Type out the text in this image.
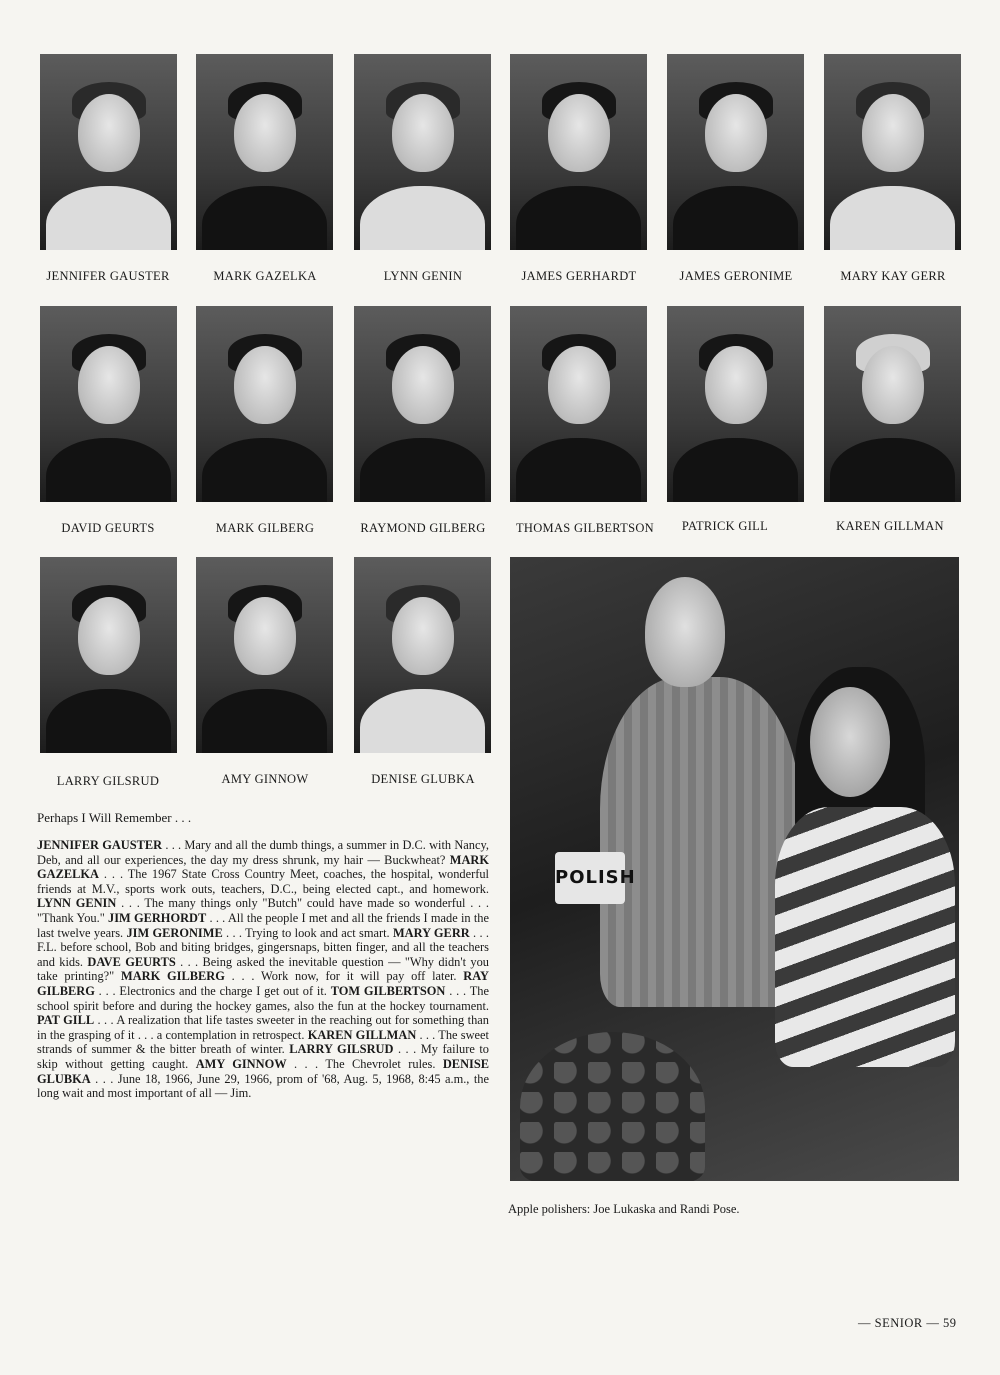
JENNIFER GAUSTER	MARK GAZELKA	LYNN GENIN	JAMES GERHARDT	JAMES GERONIME	MARY KAY GERR
DAVID GEURTS	MARK GILBERG	RAYMOND GILBERG	THOMAS GILBERTSON	PATRICK GILL	KAREN GILLMAN
LARRY GILSRUD	AMY GINNOW	DENISE GLUBKA
POLISH
Perhaps I Will Remember . . .
JENNIFER GAUSTER . . . Mary and all the dumb things, a summer in D.C. with Nancy, Deb, and all our experiences, the day my dress shrunk, my hair — Buckwheat? MARK GAZELKA . . . The 1967 State Cross Country Meet, coaches, the hospital, wonderful friends at M.V., sports work outs, teachers, D.C., being elected capt., and homework. LYNN GENIN . . . The many things only "Butch" could have made so wonderful . . . "Thank You." JIM GERHORDT . . . All the people I met and all the friends I made in the last twelve years. JIM GERONIME . . . Trying to look and act smart. MARY GERR . . . F.L. before school, Bob and biting bridges, gingersnaps, bitten finger, and all the teachers and kids. DAVE GEURTS . . . Being asked the inevitable question — "Why didn't you take printing?" MARK GILBERG . . . Work now, for it will pay off later. RAY GILBERG . . . Electronics and the charge I get out of it. TOM GILBERTSON . . . The school spirit before and during the hockey games, also the fun at the hockey tournament. PAT GILL . . . A realization that life tastes sweeter in the reaching out for something than in the grasping of it . . . a contemplation in retrospect. KAREN GILLMAN . . . The sweet strands of summer & the bitter breath of winter. LARRY GILSRUD . . . My failure to skip without getting caught. AMY GINNOW . . . The Chevrolet rules. DENISE GLUBKA . . . June 18, 1966, June 29, 1966, prom of '68, Aug. 5, 1968, 8:45 a.m., the long wait and most important of all — Jim.
Apple polishers: Joe Lukaska and Randi Pose.
— SENIOR — 59
